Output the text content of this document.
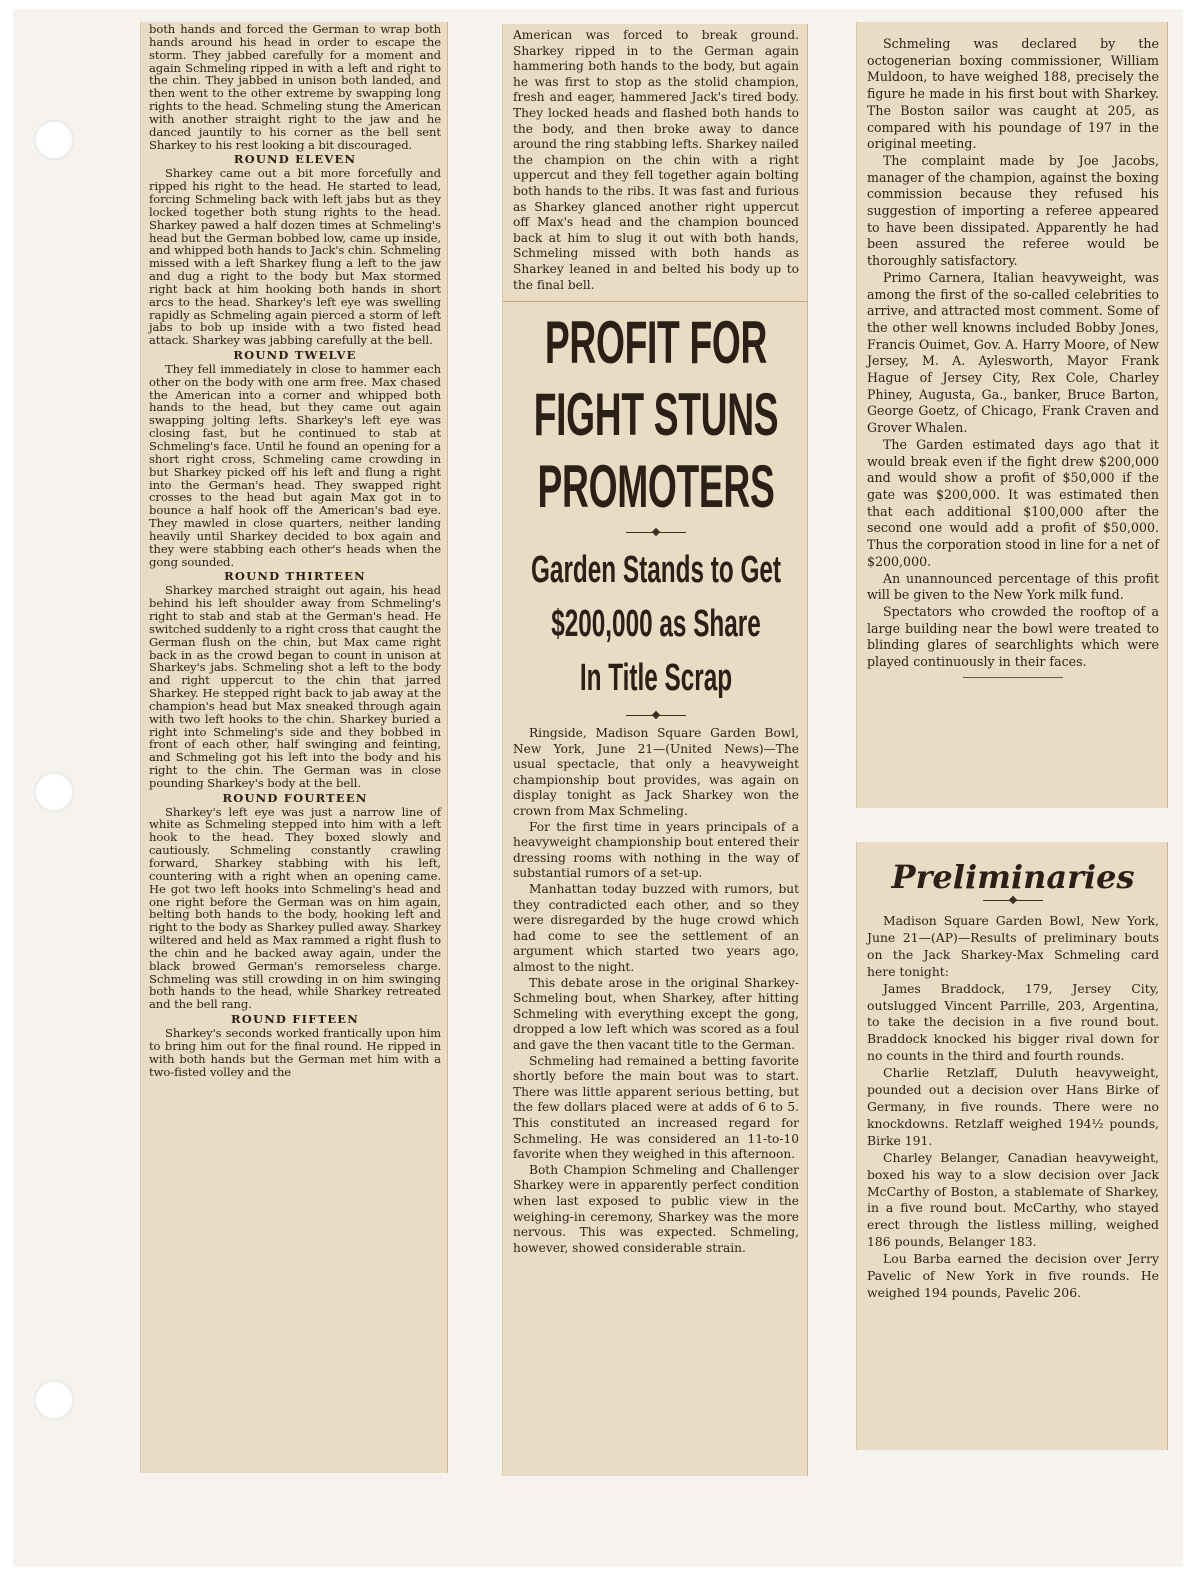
both hands and forced the German to wrap both hands around his head in order to escape the storm. They jabbed carefully for a moment and again Schmeling ripped in with a left and right to the chin. They jabbed in unison both landed, and then went to the other extreme by swapping long rights to the head. Schmeling stung the American with another straight right to the jaw and he danced jauntily to his corner as the bell sent Sharkey to his rest looking a bit discouraged.

ROUND ELEVEN

Sharkey came out a bit more forcefully and ripped his right to the head. He started to lead, forcing Schmeling back with left jabs but as they locked together both stung rights to the head. Sharkey pawed a half dozen times at Schmeling's head but the German bobbed low, came up inside, and whipped both hands to Jack's chin. Schmeling missed with a left Sharkey flung a left to the jaw and dug a right to the body but Max stormed right back at him hooking both hands in short arcs to the head. Sharkey's left eye was swelling rapidly as Schmeling again pierced a storm of left jabs to bob up inside with a two fisted head attack. Sharkey was jabbing carefully at the bell.

ROUND TWELVE

They fell immediately in close to hammer each other on the body with one arm free. Max chased the American into a corner and whipped both hands to the head, but they came out again swapping jolting lefts. Sharkey's left eye was closing fast, but he continued to stab at Schmeling's face. Until he found an opening for a short right cross, Schmeling came crowding in but Sharkey picked off his left and flung a right into the German's head. They swapped right crosses to the head but again Max got in to bounce a half hook off the American's bad eye. They mawled in close quarters, neither landing heavily until Sharkey decided to box again and they were stabbing each other's heads when the gong sounded.

ROUND THIRTEEN

Sharkey marched straight out again, his head behind his left shoulder away from Schmeling's right to stab and stab at the German's head. He switched suddenly to a right cross that caught the German flush on the chin, but Max came right back in as the crowd began to count in unison at Sharkey's jabs. Schmeling shot a left to the body and right uppercut to the chin that jarred Sharkey. He stepped right back to jab away at the champion's head but Max sneaked through again with two left hooks to the chin. Sharkey buried a right into Schmeling's side and they bobbed in front of each other, half swinging and feinting, and Schmeling got his left into the body and his right to the chin. The German was in close pounding Sharkey's body at the bell.

ROUND FOURTEEN

Sharkey's left eye was just a narrow line of white as Schmeling stepped into him with a left hook to the head. They boxed slowly and cautiously. Schmeling constantly crawling forward, Sharkey stabbing with his left, countering with a right when an opening came. He got two left hooks into Schmeling's head and one right before the German was on him again, belting both hands to the body, hooking left and right to the body as Sharkey pulled away. Sharkey wiltered and held as Max rammed a right flush to the chin and he backed away again, under the black browed German's remorseless charge. Schmeling was still crowding in on him swinging both hands to the head, while Sharkey retreated and the bell rang.

ROUND FIFTEEN

Sharkey's seconds worked frantically upon him to bring him out for the final round. He ripped in with both hands but the German met him with a two-fisted volley and the

American was forced to break ground. Sharkey ripped in to the German again hammering both hands to the body, but again he was first to stop as the stolid champion, fresh and eager, hammered Jack's tired body. They locked heads and flashed both hands to the body, and then broke away to dance around the ring stabbing lefts. Sharkey nailed the champion on the chin with a right uppercut and they fell together again bolting both hands to the ribs. It was fast and furious as Sharkey glanced another right uppercut off Max's head and the champion bounced back at him to slug it out with both hands, Schmeling missed with both hands as Sharkey leaned in and belted his body up to the final bell.

PROFIT FOR
FIGHT STUNS
PROMOTERS
Garden Stands to Get
$200,000 as Share
In Title Scrap

Ringside, Madison Square Garden Bowl, New York, June 21—(United News)—The usual spectacle, that only a heavyweight championship bout provides, was again on display tonight as Jack Sharkey won the crown from Max Schmeling.

For the first time in years principals of a heavyweight championship bout entered their dressing rooms with nothing in the way of substantial rumors of a set-up.

Manhattan today buzzed with rumors, but they contradicted each other, and so they were disregarded by the huge crowd which had come to see the settlement of an argument which started two years ago, almost to the night.

This debate arose in the original Sharkey-Schmeling bout, when Sharkey, after hitting Schmeling with everything except the gong, dropped a low left which was scored as a foul and gave the then vacant title to the German.

Schmeling had remained a betting favorite shortly before the main bout was to start. There was little apparent serious betting, but the few dollars placed were at adds of 6 to 5. This constituted an increased regard for Schmeling. He was considered an 11-to-10 favorite when they weighed in this afternoon.

Both Champion Schmeling and Challenger Sharkey were in apparently perfect condition when last exposed to public view in the weighing-in ceremony, Sharkey was the more nervous. This was expected. Schmeling, however, showed considerable strain.

Schmeling was declared by the octogenerian boxing commissioner, William Muldoon, to have weighed 188, precisely the figure he made in his first bout with Sharkey. The Boston sailor was caught at 205, as compared with his poundage of 197 in the original meeting.

The complaint made by Joe Jacobs, manager of the champion, against the boxing commission because they refused his suggestion of importing a referee appeared to have been dissipated. Apparently he had been assured the referee would be thoroughly satisfactory.

Primo Carnera, Italian heavyweight, was among the first of the so-called celebrities to arrive, and attracted most comment. Some of the other well knowns included Bobby Jones, Francis Ouimet, Gov. A. Harry Moore, of New Jersey, M. A. Aylesworth, Mayor Frank Hague of Jersey City, Rex Cole, Charley Phiney, Augusta, Ga., banker, Bruce Barton, George Goetz, of Chicago, Frank Craven and Grover Whalen.

The Garden estimated days ago that it would break even if the fight drew $200,000 and would show a profit of $50,000 if the gate was $200,000. It was estimated then that each additional $100,000 after the second one would add a profit of $50,000. Thus the corporation stood in line for a net of $200,000.

An unannounced percentage of this profit will be given to the New York milk fund.

Spectators who crowded the rooftop of a large building near the bowl were treated to blinding glares of searchlights which were played continuously in their faces.

Preliminaries

Madison Square Garden Bowl, New York, June 21—(AP)—Results of preliminary bouts on the Jack Sharkey-Max Schmeling card here tonight:

James Braddock, 179, Jersey City, outslugged Vincent Parrille, 203, Argentina, to take the decision in a five round bout. Braddock knocked his bigger rival down for no counts in the third and fourth rounds.

Charlie Retzlaff, Duluth heavyweight, pounded out a decision over Hans Birke of Germany, in five rounds. There were no knockdowns. Retzlaff weighed 194½ pounds, Birke 191.

Charley Belanger, Canadian heavyweight, boxed his way to a slow decision over Jack McCarthy of Boston, a stablemate of Sharkey, in a five round bout. McCarthy, who stayed erect through the listless milling, weighed 186 pounds, Belanger 183.

Lou Barba earned the decision over Jerry Pavelic of New York in five rounds. He weighed 194 pounds, Pavelic 206.
